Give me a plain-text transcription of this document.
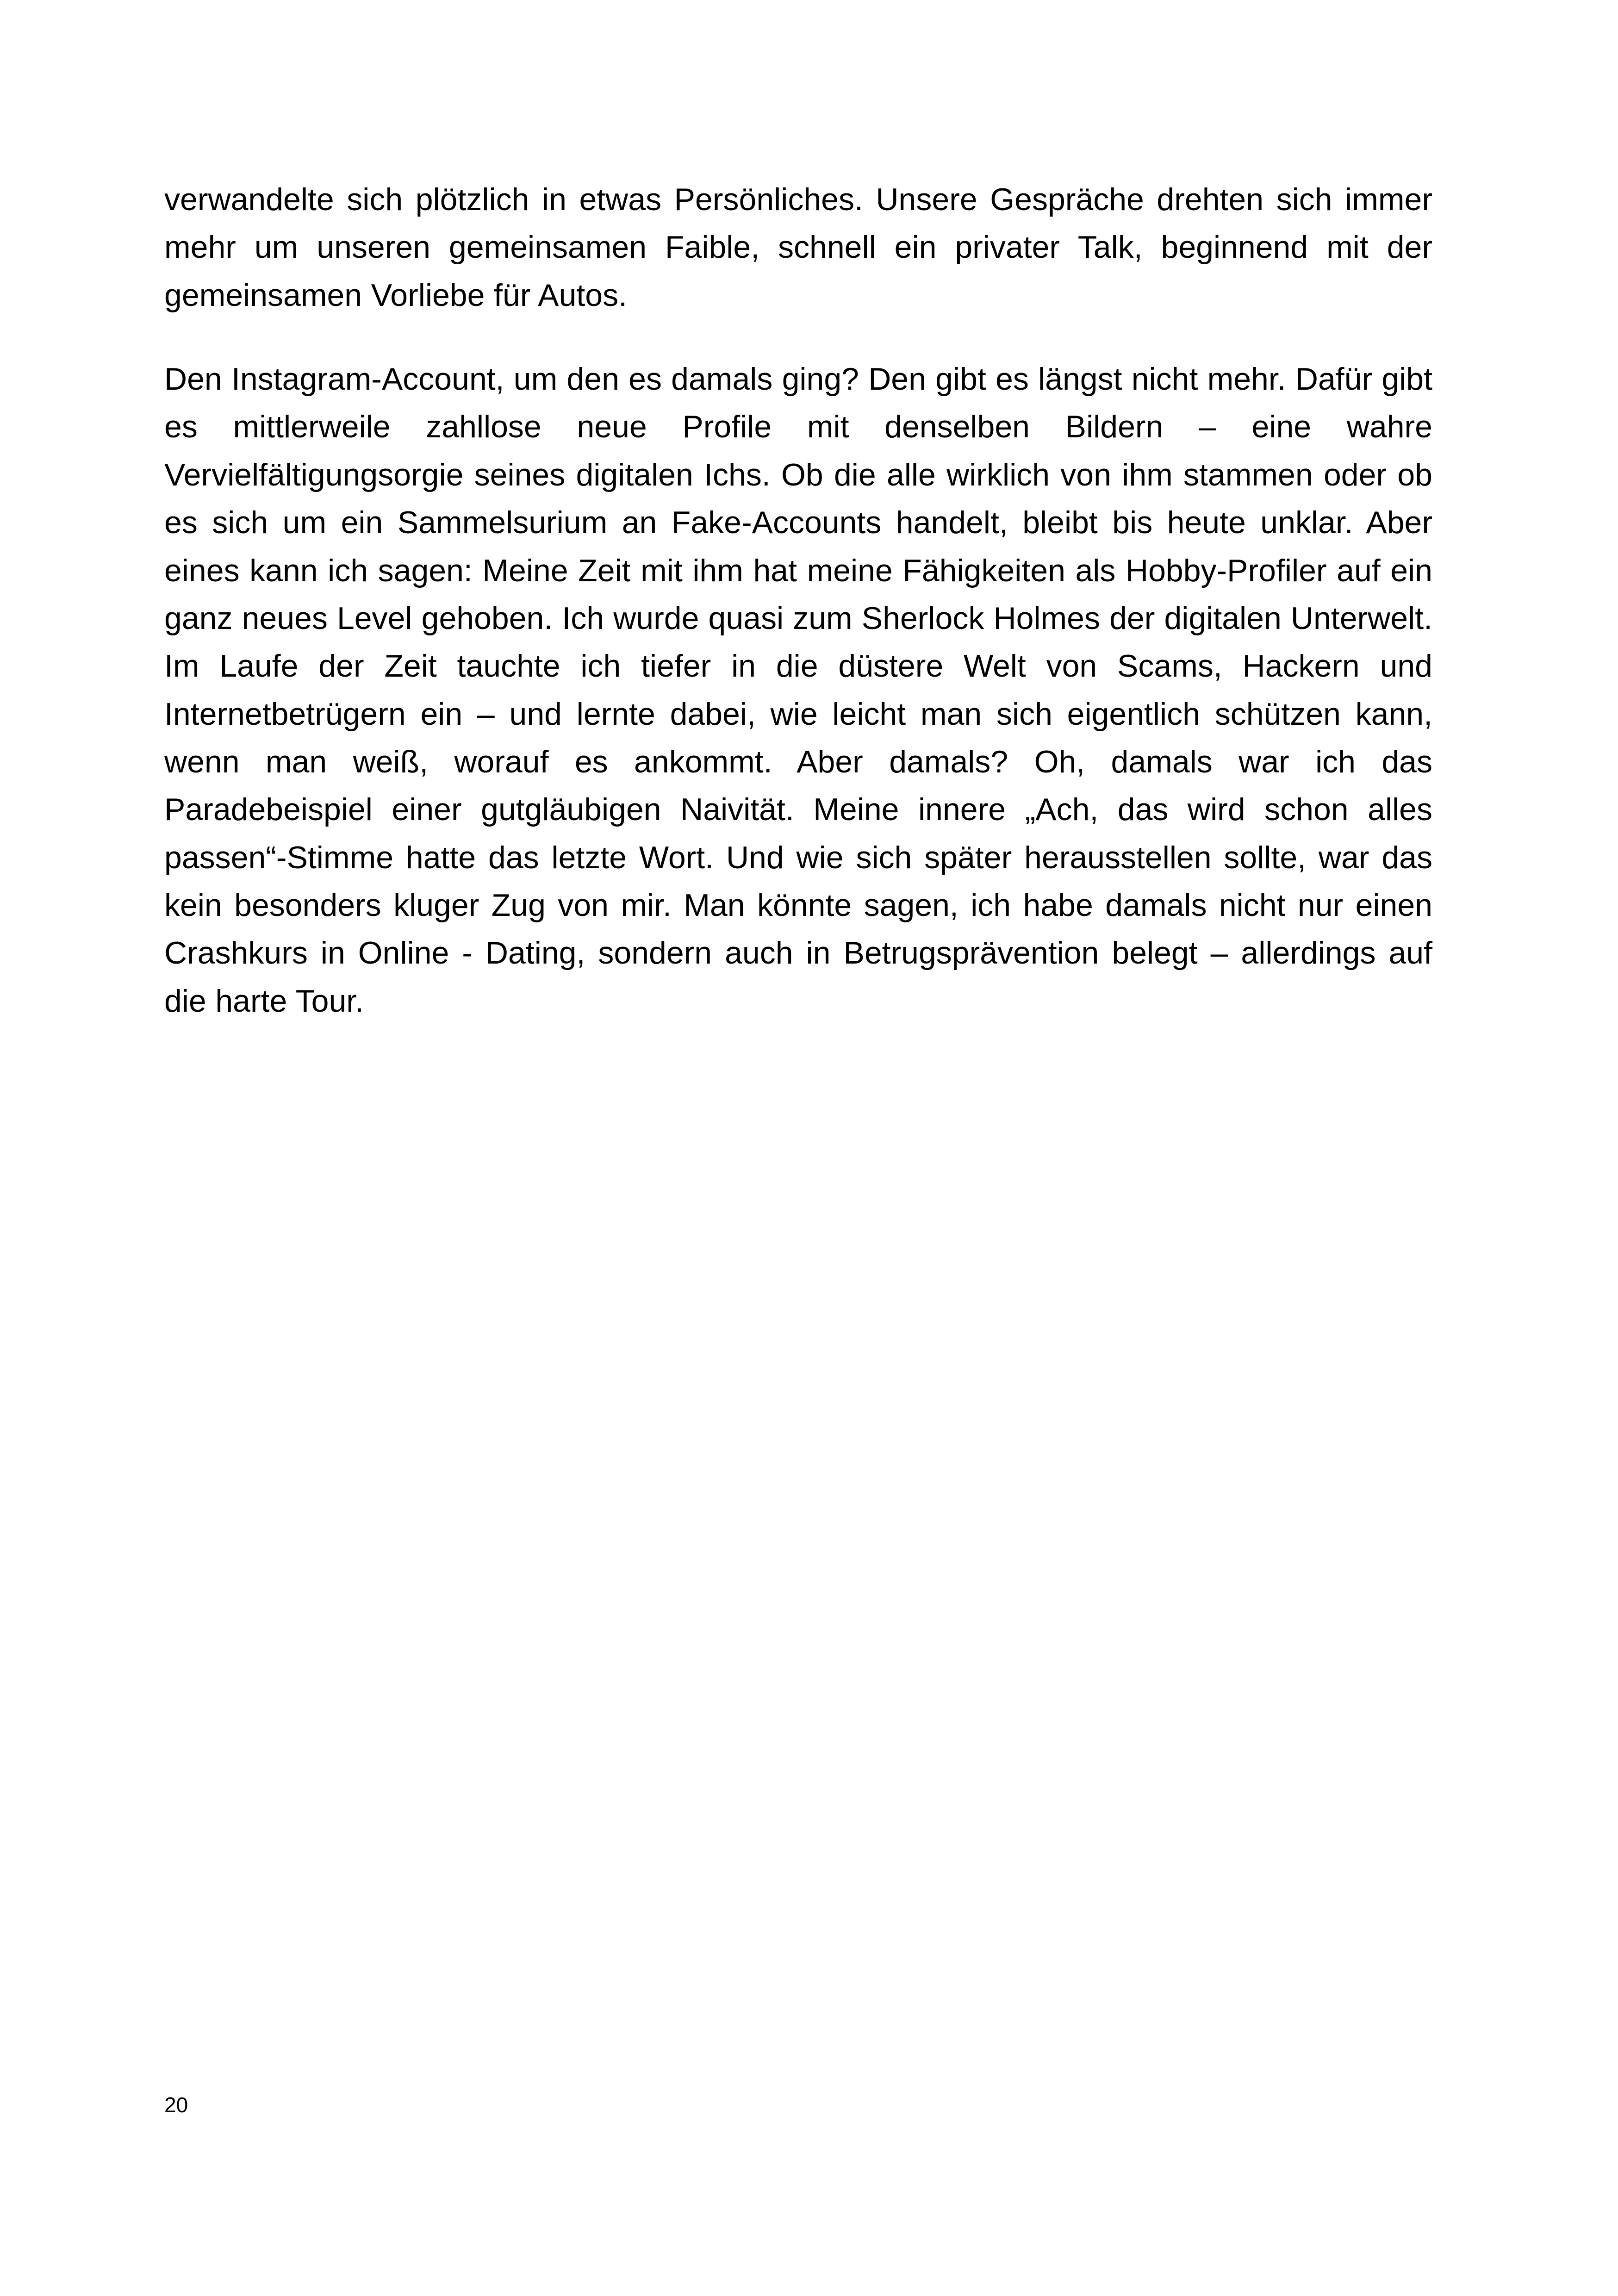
verwandelte sich plötzlich in etwas Persönliches. Unsere Gespräche drehten sich immer mehr um unseren gemeinsamen Faible, schnell ein privater Talk, beginnend mit der gemeinsamen Vorliebe für Autos.

Den Instagram-Account, um den es damals ging? Den gibt es längst nicht mehr. Dafür gibt es mittlerweile zahllose neue Profile mit denselben Bildern – eine wahre Vervielfältigungsorgie seines digitalen Ichs. Ob die alle wirklich von ihm stammen oder ob es sich um ein Sammelsurium an Fake-Accounts handelt, bleibt bis heute unklar. Aber eines kann ich sagen: Meine Zeit mit ihm hat meine Fähigkeiten als Hobby-Profiler auf ein ganz neues Level gehoben. Ich wurde quasi zum Sherlock Holmes der digitalen Unterwelt. Im Laufe der Zeit tauchte ich tiefer in die düstere Welt von Scams, Hackern und Internetbetrügern ein – und lernte dabei, wie leicht man sich eigentlich schützen kann, wenn man weiß, worauf es ankommt. Aber damals? Oh, damals war ich das Paradebeispiel einer gutgläubigen Naivität. Meine innere „Ach, das wird schon alles passen“-Stimme hatte das letzte Wort. Und wie sich später herausstellen sollte, war das kein besonders kluger Zug von mir. Man könnte sagen, ich habe damals nicht nur einen Crashkurs in Online - Dating, sondern auch in Betrugsprävention belegt – allerdings auf die harte Tour.

20
